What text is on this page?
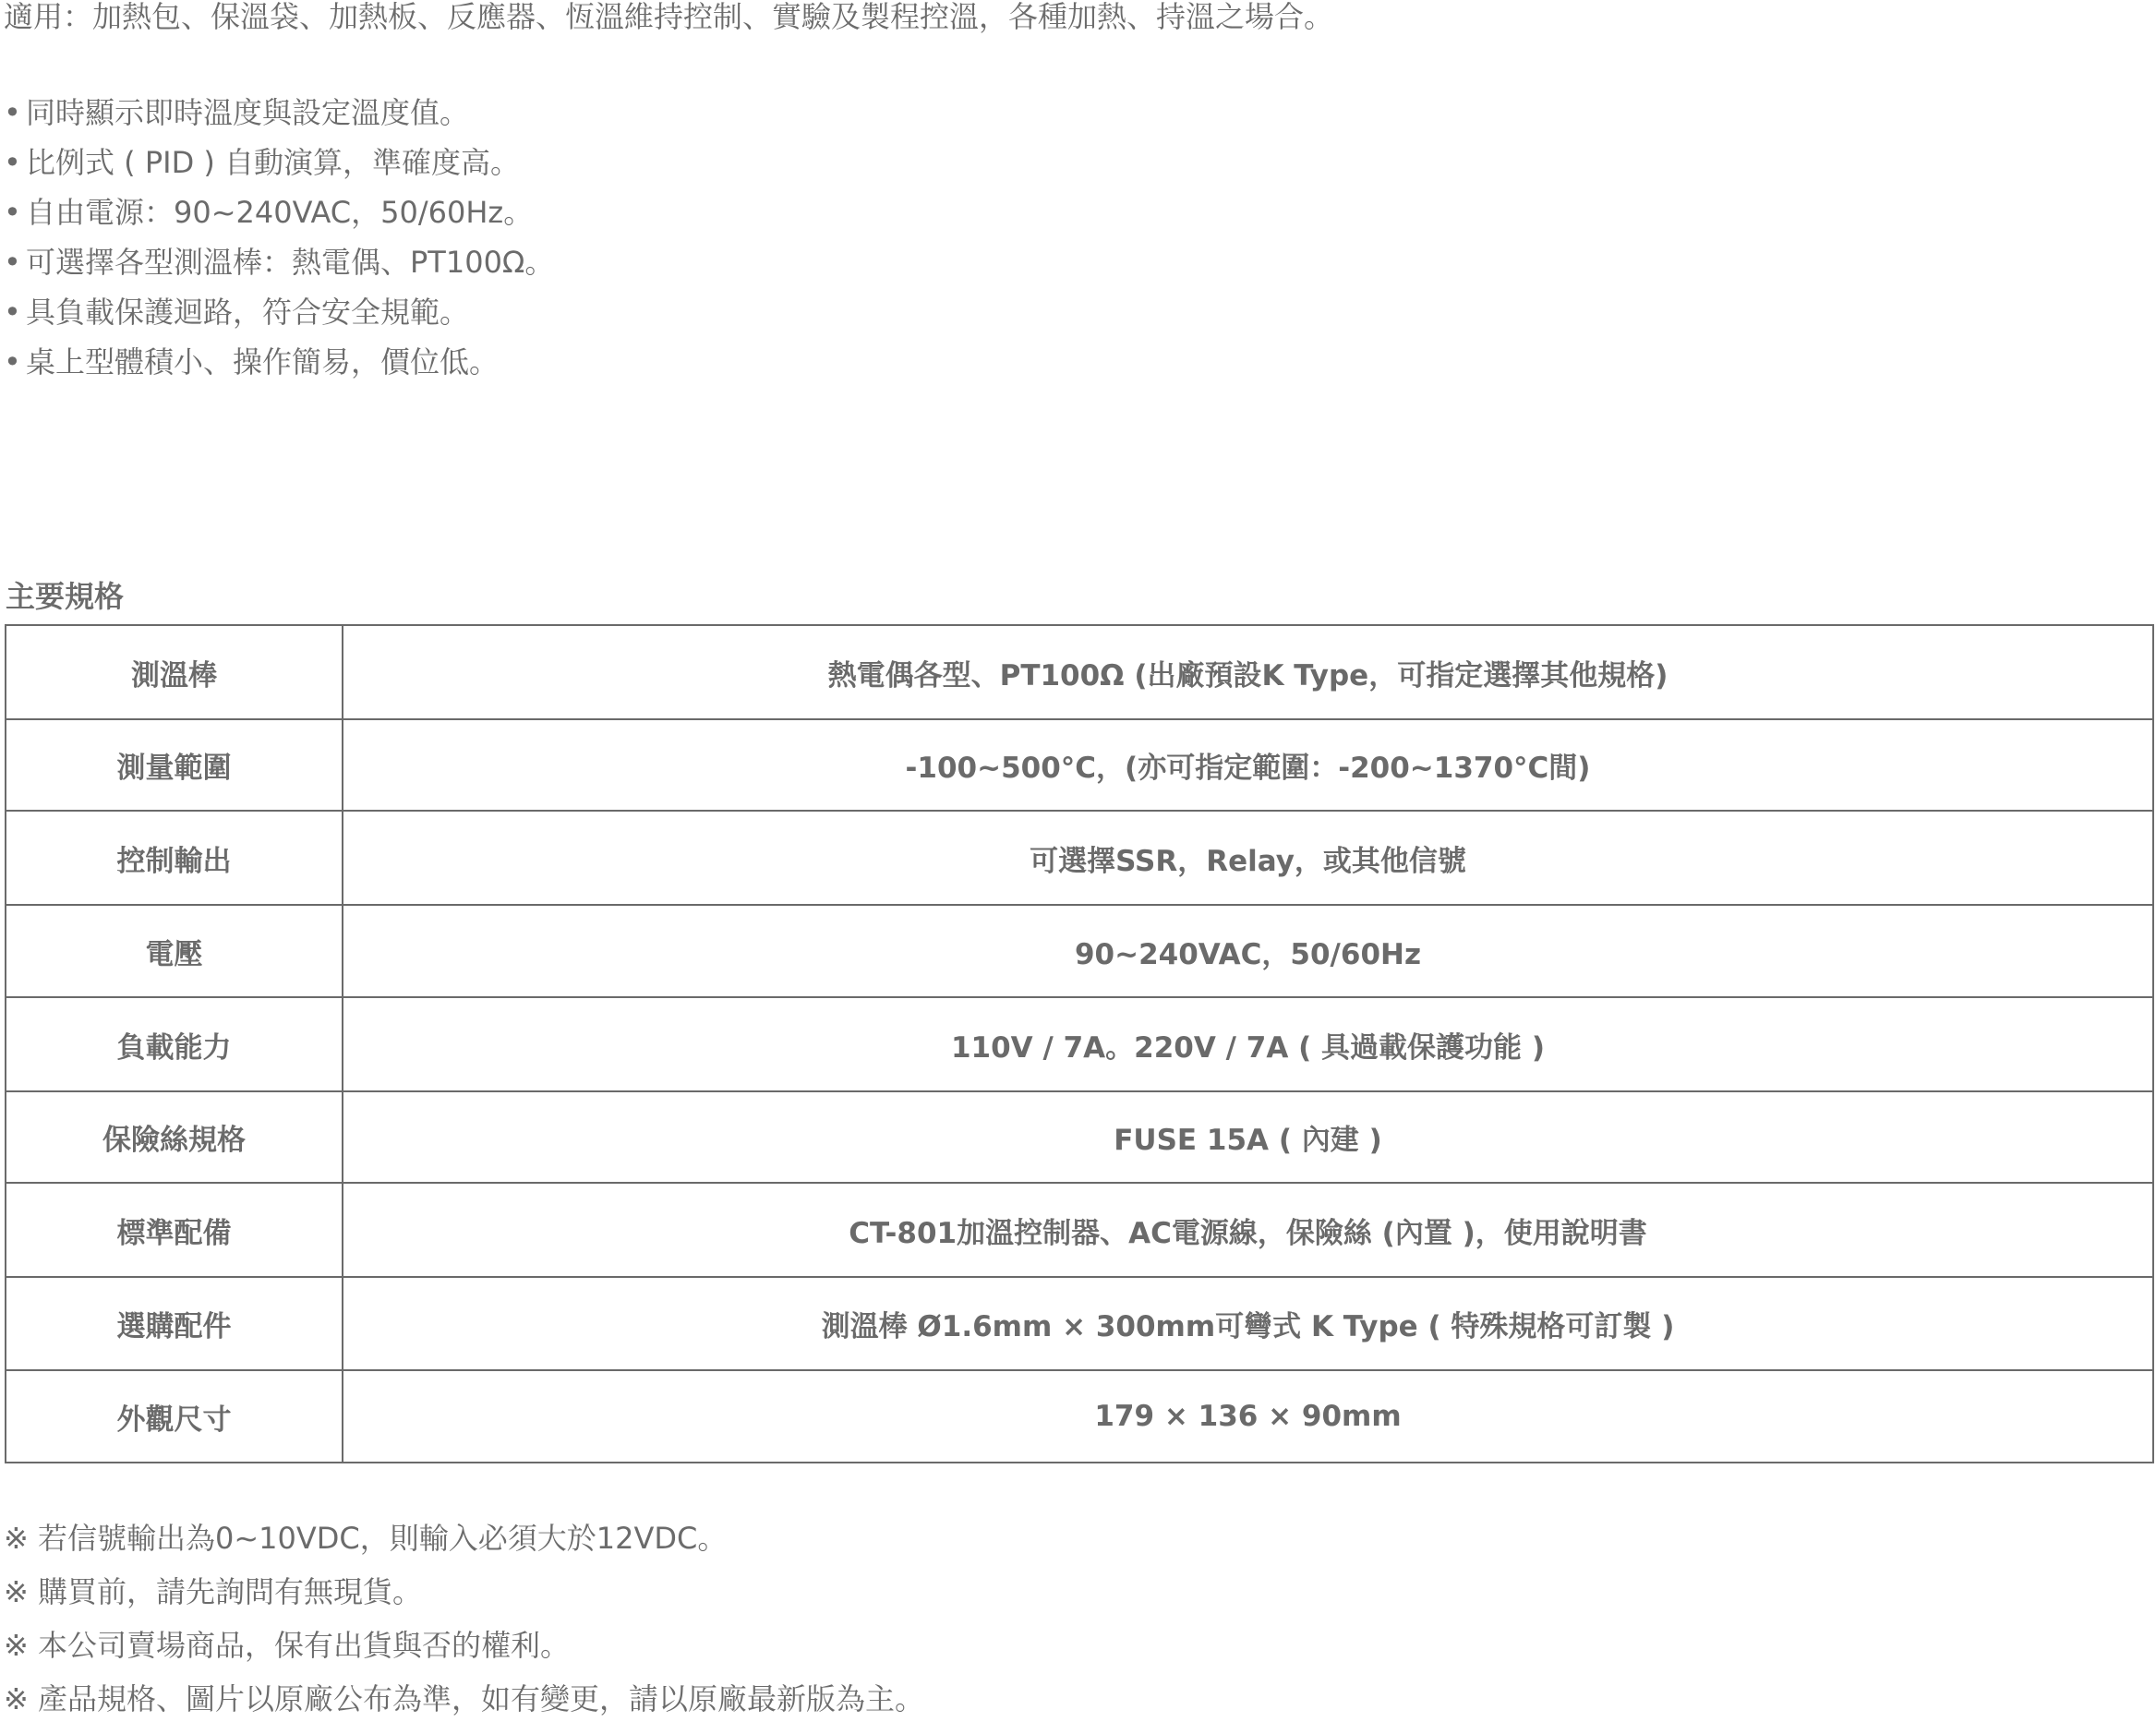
適用：加熱包、保溫袋、加熱板、反應器、恆溫維持控制、實驗及製程控溫，各種加熱、持溫之場合。
• 同時顯示即時溫度與設定溫度值。
• 比例式 ( PID ) 自動演算，準確度高。
• 自由電源：90~240VAC，50/60Hz。
• 可選擇各型測溫棒：熱電偶、PT100Ω。
• 具負載保護迴路，符合安全規範。
• 桌上型體積小、操作簡易，價位低。
主要規格
測溫棒	熱電偶各型、PT100Ω (出廠預設K Type，可指定選擇其他規格)
測量範圍	-100~500°C，(亦可指定範圍：-200~1370°C間)
控制輸出	可選擇SSR，Relay，或其他信號
電壓	90~240VAC，50/60Hz
負載能力	110V / 7A。220V / 7A ( 具過載保護功能 )
保險絲規格	FUSE 15A ( 內建 )
標準配備	CT-801加溫控制器、AC電源線，保險絲 (內置 )，使用說明書
選購配件	測溫棒 Ø1.6mm × 300mm可彎式 K Type ( 特殊規格可訂製 )
外觀尺寸	179 × 136 × 90mm
※ 若信號輸出為0~10VDC，則輸入必須大於12VDC。
※ 購買前，請先詢問有無現貨。
※ 本公司賣場商品，保有出貨與否的權利。
※ 產品規格、圖片以原廠公布為準，如有變更，請以原廠最新版為主。
